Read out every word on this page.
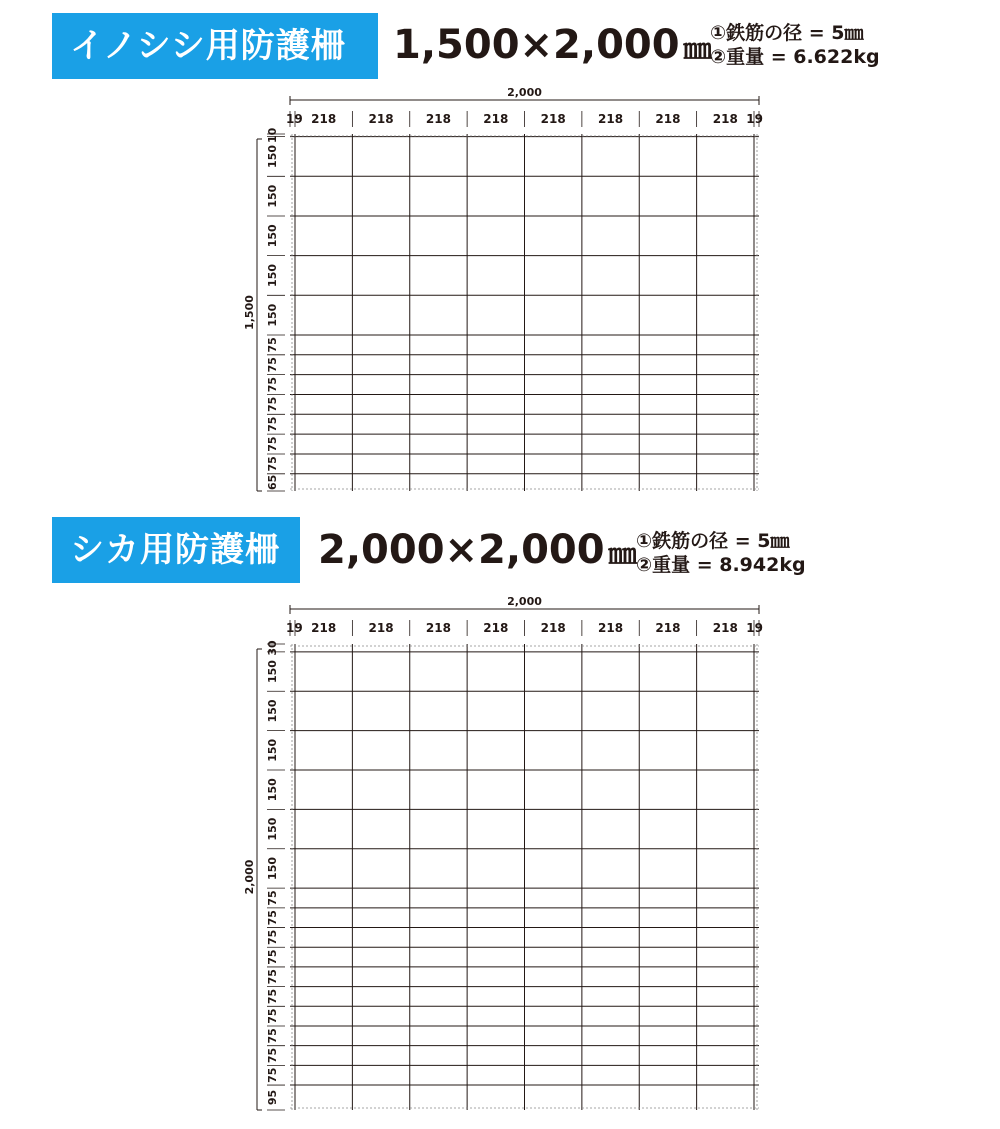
イノシシ用防護柵	1,500×2,000 ㎜
①鉄筋の径 = 5㎜
②重量 = 6.622kg
2,000
19 218	218	218	218	218	218	218	218 19
1,500
10
150
150
150
150
150
75
75
75
75
75
75
75
65
シカ用防護柵 2,000×2,000 ㎜ ①鉄筋の径 = 5㎜
②重量 = 8.942kg
2,000
19 218	218	218	218	218	218	218	218 19
2,000
30
150
150
150
150
150
150
75
75
75
75
75
75
75
75
75
75
95
